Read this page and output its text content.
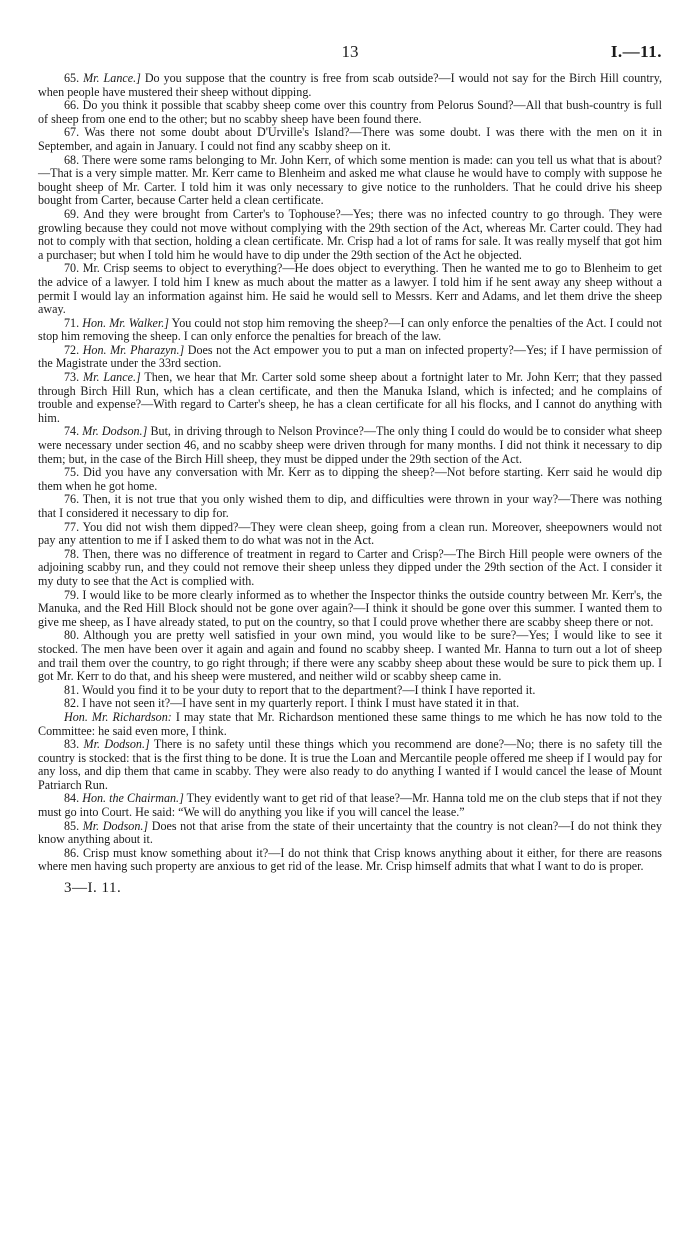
13	I.—11.

65. Mr. Lance.] Do you suppose that the country is free from scab outside?—I would not say for the Birch Hill country, when people have mustered their sheep without dipping.

66. Do you think it possible that scabby sheep come over this country from Pelorus Sound?—All that bush-country is full of sheep from one end to the other; but no scabby sheep have been found there.

67. Was there not some doubt about D'Urville's Island?—There was some doubt. I was there with the men on it in September, and again in January. I could not find any scabby sheep on it.

68. There were some rams belonging to Mr. John Kerr, of which some mention is made: can you tell us what that is about?—That is a very simple matter. Mr. Kerr came to Blenheim and asked me what clause he would have to comply with suppose he bought sheep of Mr. Carter. I told him it was only necessary to give notice to the runholders. That he could drive his sheep bought from Carter, because Carter held a clean certificate.

69. And they were brought from Carter's to Tophouse?—Yes; there was no infected country to go through. They were growling because they could not move without complying with the 29th section of the Act, whereas Mr. Carter could. They had not to comply with that section, holding a clean certificate. Mr. Crisp had a lot of rams for sale. It was really myself that got him a purchaser; but when I told him he would have to dip under the 29th section of the Act he objected.

70. Mr. Crisp seems to object to everything?—He does object to everything. Then he wanted me to go to Blenheim to get the advice of a lawyer. I told him I knew as much about the matter as a lawyer. I told him if he sent away any sheep without a permit I would lay an information against him. He said he would sell to Messrs. Kerr and Adams, and let them drive the sheep away.

71. Hon. Mr. Walker.] You could not stop him removing the sheep?—I can only enforce the penalties of the Act. I could not stop him removing the sheep. I can only enforce the penalties for breach of the law.

72. Hon. Mr. Pharazyn.] Does not the Act empower you to put a man on infected property?—Yes; if I have permission of the Magistrate under the 33rd section.

73. Mr. Lance.] Then, we hear that Mr. Carter sold some sheep about a fortnight later to Mr. John Kerr; that they passed through Birch Hill Run, which has a clean certificate, and then the Manuka Island, which is infected; and he complains of trouble and expense?—With regard to Carter's sheep, he has a clean certificate for all his flocks, and I cannot do anything with him.

74. Mr. Dodson.] But, in driving through to Nelson Province?—The only thing I could do would be to consider what sheep were necessary under section 46, and no scabby sheep were driven through for many months. I did not think it necessary to dip them; but, in the case of the Birch Hill sheep, they must be dipped under the 29th section of the Act.

75. Did you have any conversation with Mr. Kerr as to dipping the sheep?—Not before starting. Kerr said he would dip them when he got home.

76. Then, it is not true that you only wished them to dip, and difficulties were thrown in your way?—There was nothing that I considered it necessary to dip for.

77. You did not wish them dipped?—They were clean sheep, going from a clean run. Moreover, sheepowners would not pay any attention to me if I asked them to do what was not in the Act.

78. Then, there was no difference of treatment in regard to Carter and Crisp?—The Birch Hill people were owners of the adjoining scabby run, and they could not remove their sheep unless they dipped under the 29th section of the Act. I consider it my duty to see that the Act is complied with.

79. I would like to be more clearly informed as to whether the Inspector thinks the outside country between Mr. Kerr's, the Manuka, and the Red Hill Block should not be gone over again?—I think it should be gone over this summer. I wanted them to give me sheep, as I have already stated, to put on the country, so that I could prove whether there are scabby sheep there or not.

80. Although you are pretty well satisfied in your own mind, you would like to be sure?—Yes; I would like to see it stocked. The men have been over it again and again and found no scabby sheep. I wanted Mr. Hanna to turn out a lot of sheep and trail them over the country, to go right through; if there were any scabby sheep about these would be sure to pick them up. I got Mr. Kerr to do that, and his sheep were mustered, and neither wild or scabby sheep came in.

81. Would you find it to be your duty to report that to the department?—I think I have reported it.

82. I have not seen it?—I have sent in my quarterly report. I think I must have stated it in that.

Hon. Mr. Richardson: I may state that Mr. Richardson mentioned these same things to me which he has now told to the Committee: he said even more, I think.

83. Mr. Dodson.] There is no safety until these things which you recommend are done?—No; there is no safety till the country is stocked: that is the first thing to be done. It is true the Loan and Mercantile people offered me sheep if I would pay for any loss, and dip them that came in scabby. They were also ready to do anything I wanted if I would cancel the lease of Mount Patriarch Run.

84. Hon. the Chairman.] They evidently want to get rid of that lease?—Mr. Hanna told me on the club steps that if not they must go into Court. He said: “We will do anything you like if you will cancel the lease.”

85. Mr. Dodson.] Does not that arise from the state of their uncertainty that the country is not clean?—I do not think they know anything about it.

86. Crisp must know something about it?—I do not think that Crisp knows anything about it either, for there are reasons where men having such property are anxious to get rid of the lease. Mr. Crisp himself admits that what I want to do is proper.

3—I. 11.
